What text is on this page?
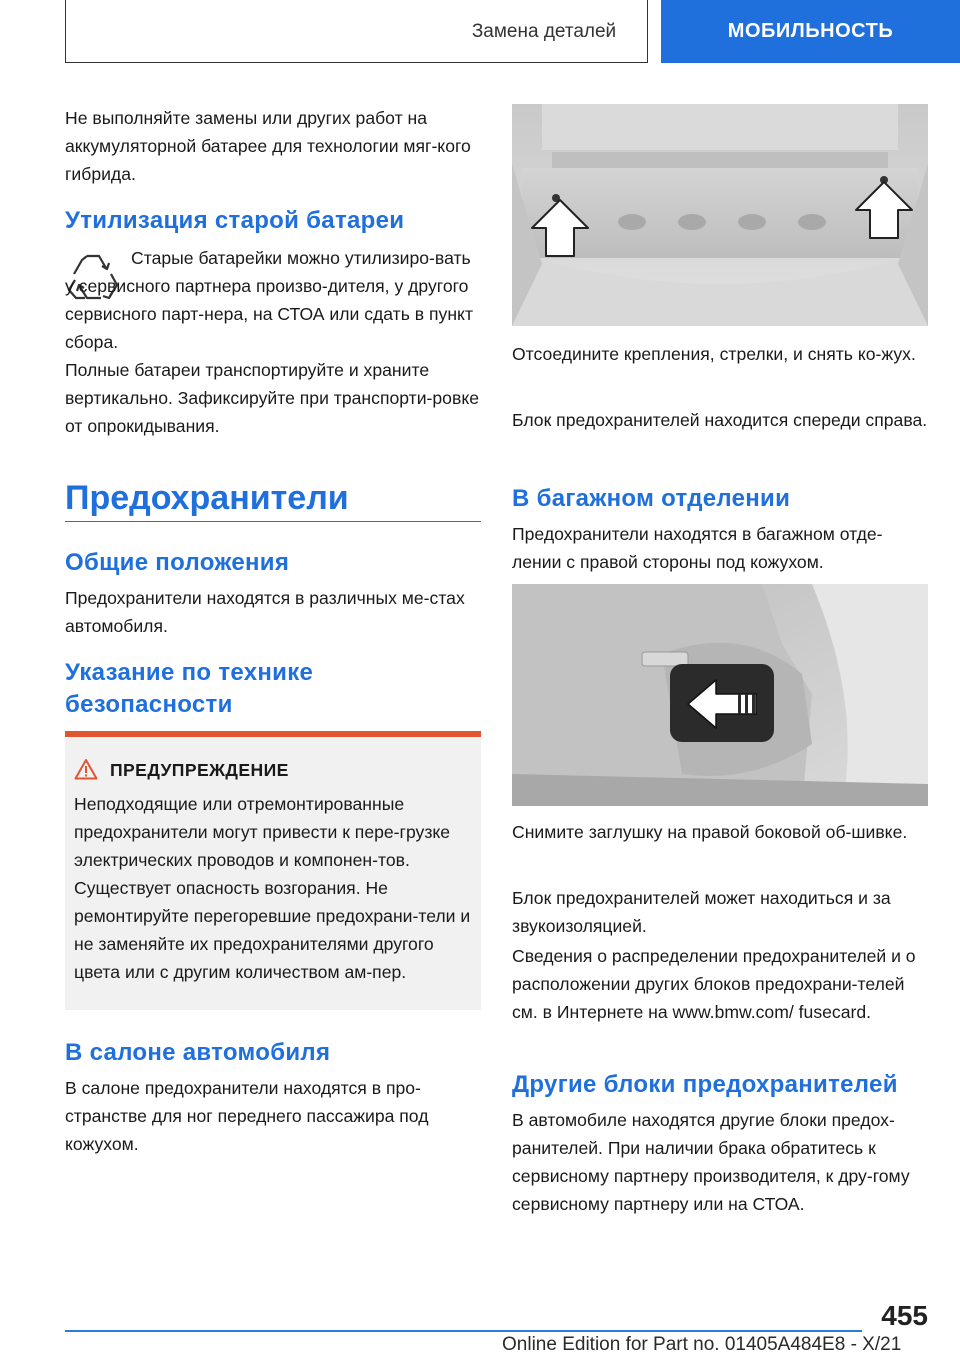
Замена деталей	МОБИЛЬНОСТЬ

Не выполняйте замены или других работ на аккумуляторной батарее для технологии мяг-кого гибрида.

Утилизация старой батареи

Старые батарейки можно утилизиро-вать у сервисного партнера произво-дителя, у другого сервисного парт-нера, на СТОА или сдать в пункт сбора.

Полные батареи транспортируйте и храните вертикально. Зафиксируйте при транспорти-ровке от опрокидывания.

Предохранители
Общие положения

Предохранители находятся в различных ме-стах автомобиля.

Указание по технике
безопасности
ПРЕДУПРЕЖДЕНИЕ

Неподходящие или отремонтированные предохранители могут привести к пере-грузке электрических проводов и компонен-тов. Существует опасность возгорания. Не ремонтируйте перегоревшие предохрани-тели и не заменяйте их предохранителями другого цвета или с другим количеством ам-пер.

В салоне автомобиля

В салоне предохранители находятся в про-странстве для ног переднего пассажира под кожухом.

Отсоедините крепления, стрелки, и снять ко-жух.

Блок предохранителей находится спереди справа.

В багажном отделении

Предохранители находятся в багажном отде-лении с правой стороны под кожухом.

Снимите заглушку на правой боковой об-шивке.

Блок предохранителей может находиться и за звукоизоляцией.

Сведения о распределении предохранителей и о расположении других блоков предохрани-телей см. в Интернете на www.bmw.com/ fusecard.

Другие блоки предохранителей

В автомобиле находятся другие блоки предох-ранителей. При наличии брака обратитесь к сервисному партнеру производителя, к дру-гому сервисному партнеру или на СТОА.

455
Online Edition for Part no. 01405A484E8 - X/21
